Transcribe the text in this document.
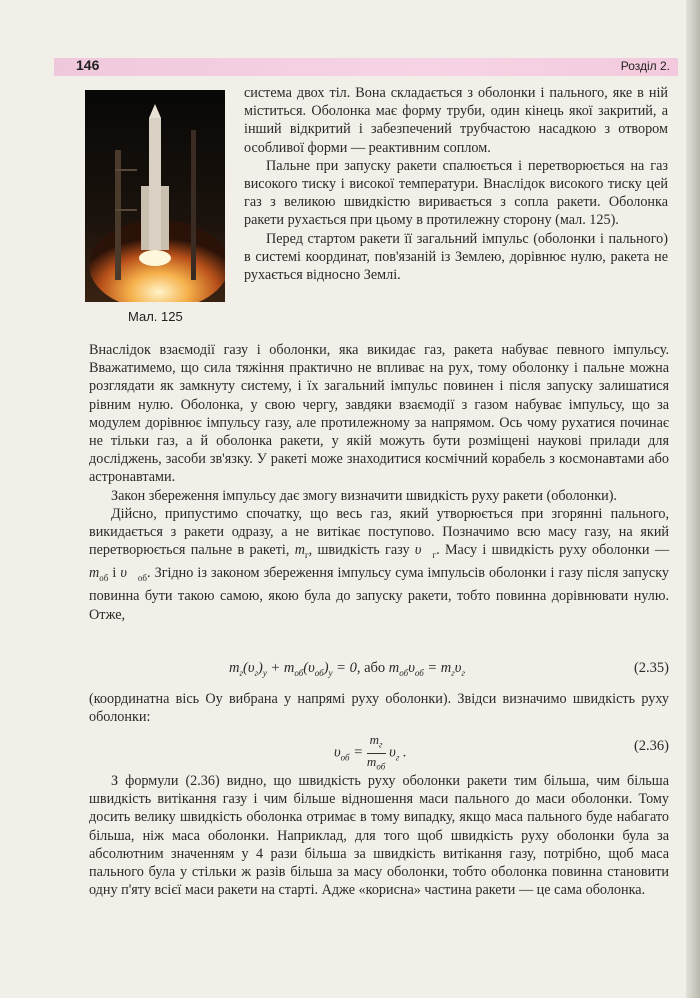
146	Розділ 2.
Мал. 125

система двох тіл. Вона складається з оболонки і пального, яке в ній міститься. Оболонка має форму труби, один кінець якої закритий, а інший відкритий і забезпечений трубчастою насадкою з отвором особливої форми — реактивним соплом.

Пальне при запуску ракети спалюється і перетворюється на газ високого тиску і високої температури. Внаслідок високого тиску цей газ з великою швидкістю виривається з сопла ракети. Оболонка ракети рухається при цьому в протилежну сторону (мал. 125).

Перед стартом ракети її загальний імпульс (оболонки і пального) в системі координат, пов'язаній із Землею, дорівнює нулю, ракета не рухається відносно Землі.

Внаслідок взаємодії газу і оболонки, яка викидає газ, ракета набуває певного імпульсу. Вважатимемо, що сила тяжіння практично не впливає на рух, тому оболонку і пальне можна розглядати як замкнуту систему, і їх загальний імпульс повинен і після запуску залишатися рівним нулю. Оболонка, у свою чергу, завдяки взаємодії з газом набуває імпульсу, що за модулем дорівнює імпульсу газу, але протилежному за напрямом. Ось чому рухатися починає не тільки газ, а й оболонка ракети, у якій можуть бути розміщені наукові прилади для досліджень, засоби зв'язку. У ракеті може знаходитися космічний корабель з космонавтами або астронавтами.

Закон збереження імпульсу дає змогу визначити швидкість руху ракети (оболонки).

Дійсно, припустимо спочатку, що весь газ, який утворюється при згорянні пального, викидається з ракети одразу, а не витікає поступово. Позначимо всю масу газу, на який перетворюється пальне в ракеті, $m_г$, швидкість газу $\upsilon⃗_г$. Масу і швидкість руху оболонки — $m_{об}$ і $\upsilon⃗_{об}$. Згідно із законом збереження імпульсу сума імпульсів оболонки і газу після запуску повинна бути такою самою, якою була до запуску ракети, тобто повинна дорівнювати нулю. Отже,

$m_г(\upsilon_г)_y + m_{об}(\upsilon_{об})_y = 0$, або $m_{об}\upsilon_{об} = m_г\upsilon_г$	(2.35)

(координатна вісь Oy вибрана у напрямі руху оболонки). Звідси визначимо швидкість руху оболонки:

$\upsilon_{об} = \frac{m_г}{m_{об}} \upsilon_г$ .	(2.36)

З формули (2.36) видно, що швидкість руху оболонки ракети тим більша, чим більша швидкість витікання газу і чим більше відношення маси пального до маси оболонки. Тому досить велику швидкість оболонка отримає в тому випадку, якщо маса пального буде набагато більша, ніж маса оболонки. Наприклад, для того щоб швидкість руху оболонки була за абсолютним значенням у 4 рази більша за швидкість витікання газу, потрібно, щоб маса пального була у стільки ж разів більша за масу оболонки, тобто оболонка повинна становити одну п'яту всієї маси ракети на старті. Адже «корисна» частина ракети — це сама оболонка.
